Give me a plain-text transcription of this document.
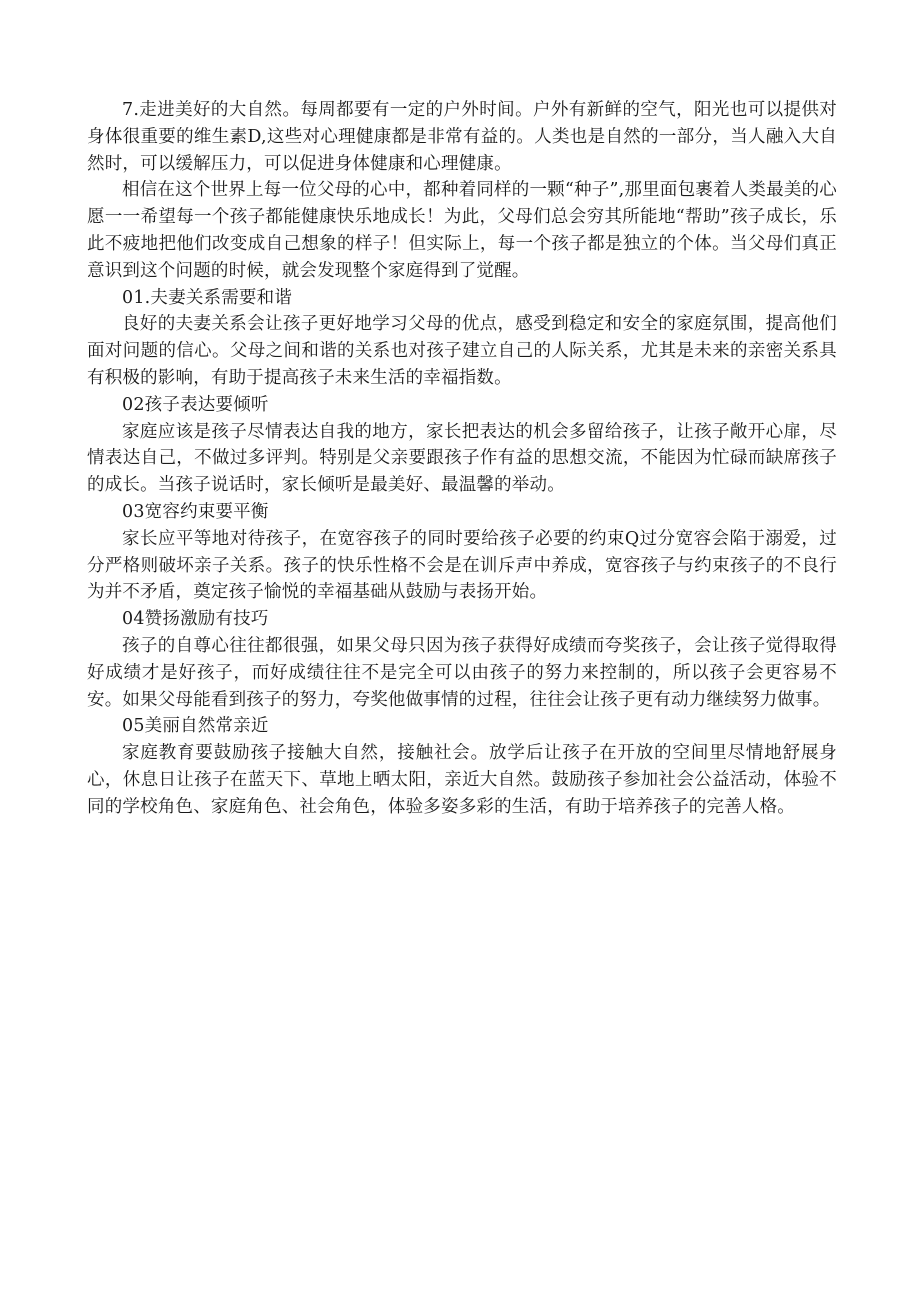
7.走进美好的大自然。每周都要有一定的户外时间。户外有新鲜的空气，阳光也可以提供对身体很重要的维生素D,这些对心理健康都是非常有益的。人类也是自然的一部分，当人融入大自然时，可以缓解压力，可以促进身体健康和心理健康。

相信在这个世界上每一位父母的心中，都种着同样的一颗“种子”,那里面包裹着人类最美的心愿一一希望每一个孩子都能健康快乐地成长！为此，父母们总会穷其所能地“帮助”孩子成长，乐此不疲地把他们改变成自己想象的样子！但实际上，每一个孩子都是独立的个体。当父母们真正意识到这个问题的时候，就会发现整个家庭得到了觉醒。

01.夫妻关系需要和谐

良好的夫妻关系会让孩子更好地学习父母的优点，感受到稳定和安全的家庭氛围，提高他们面对问题的信心。父母之间和谐的关系也对孩子建立自己的人际关系，尤其是未来的亲密关系具有积极的影响，有助于提高孩子未来生活的幸福指数。

02孩子表达要倾听

家庭应该是孩子尽情表达自我的地方，家长把表达的机会多留给孩子，让孩子敞开心扉，尽情表达自己，不做过多评判。特别是父亲要跟孩子作有益的思想交流，不能因为忙碌而缺席孩子的成长。当孩子说话时，家长倾听是最美好、最温馨的举动。

03宽容约束要平衡

家长应平等地对待孩子，在宽容孩子的同时要给孩子必要的约束Q过分宽容会陷于溺爱，过分严格则破坏亲子关系。孩子的快乐性格不会是在训斥声中养成，宽容孩子与约束孩子的不良行为并不矛盾，奠定孩子愉悦的幸福基础从鼓励与表扬开始。

04赞扬激励有技巧

孩子的自尊心往往都很强，如果父母只因为孩子获得好成绩而夸奖孩子，会让孩子觉得取得好成绩才是好孩子，而好成绩往往不是完全可以由孩子的努力来控制的，所以孩子会更容易不安。如果父母能看到孩子的努力，夸奖他做事情的过程，往往会让孩子更有动力继续努力做事。

05美丽自然常亲近

家庭教育要鼓励孩子接触大自然，接触社会。放学后让孩子在开放的空间里尽情地舒展身心，休息日让孩子在蓝天下、草地上晒太阳，亲近大自然。鼓励孩子参加社会公益活动，体验不同的学校角色、家庭角色、社会角色，体验多姿多彩的生活，有助于培养孩子的完善人格。
